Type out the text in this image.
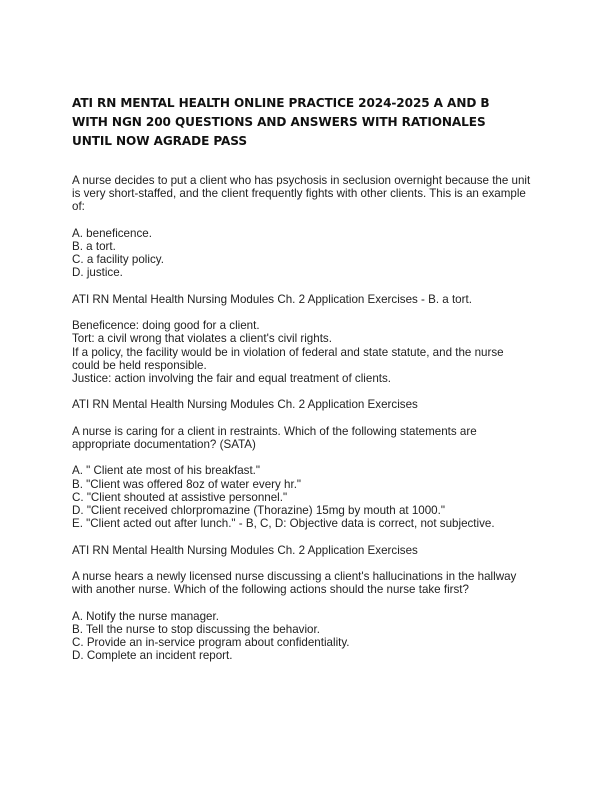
ATI RN MENTAL HEALTH ONLINE PRACTICE 2024-2025 A AND B WITH NGN 200 QUESTIONS AND ANSWERS WITH RATIONALES UNTIL NOW AGRADE PASS

A nurse decides to put a client who has psychosis in seclusion overnight because the unit is very short-staffed, and the client frequently fights with other clients. This is an example of:

A. beneficence.
B. a tort.
C. a facility policy.
D. justice.

ATI RN Mental Health Nursing Modules Ch. 2 Application Exercises - B. a tort.

Beneficence: doing good for a client.
Tort: a civil wrong that violates a client's civil rights.
If a policy, the facility would be in violation of federal and state statute, and the nurse could be held responsible.
Justice: action involving the fair and equal treatment of clients.

ATI RN Mental Health Nursing Modules Ch. 2 Application Exercises

A nurse is caring for a client in restraints. Which of the following statements are appropriate documentation? (SATA)

A. " Client ate most of his breakfast."
B. "Client was offered 8oz of water every hr."
C. "Client shouted at assistive personnel."
D. "Client received chlorpromazine (Thorazine) 15mg by mouth at 1000."
E. "Client acted out after lunch." - B, C, D: Objective data is correct, not subjective.

ATI RN Mental Health Nursing Modules Ch. 2 Application Exercises

A nurse hears a newly licensed nurse discussing a client's hallucinations in the hallway with another nurse. Which of the following actions should the nurse take first?

A. Notify the nurse manager.
B. Tell the nurse to stop discussing the behavior.
C. Provide an in-service program about confidentiality.
D. Complete an incident report.
